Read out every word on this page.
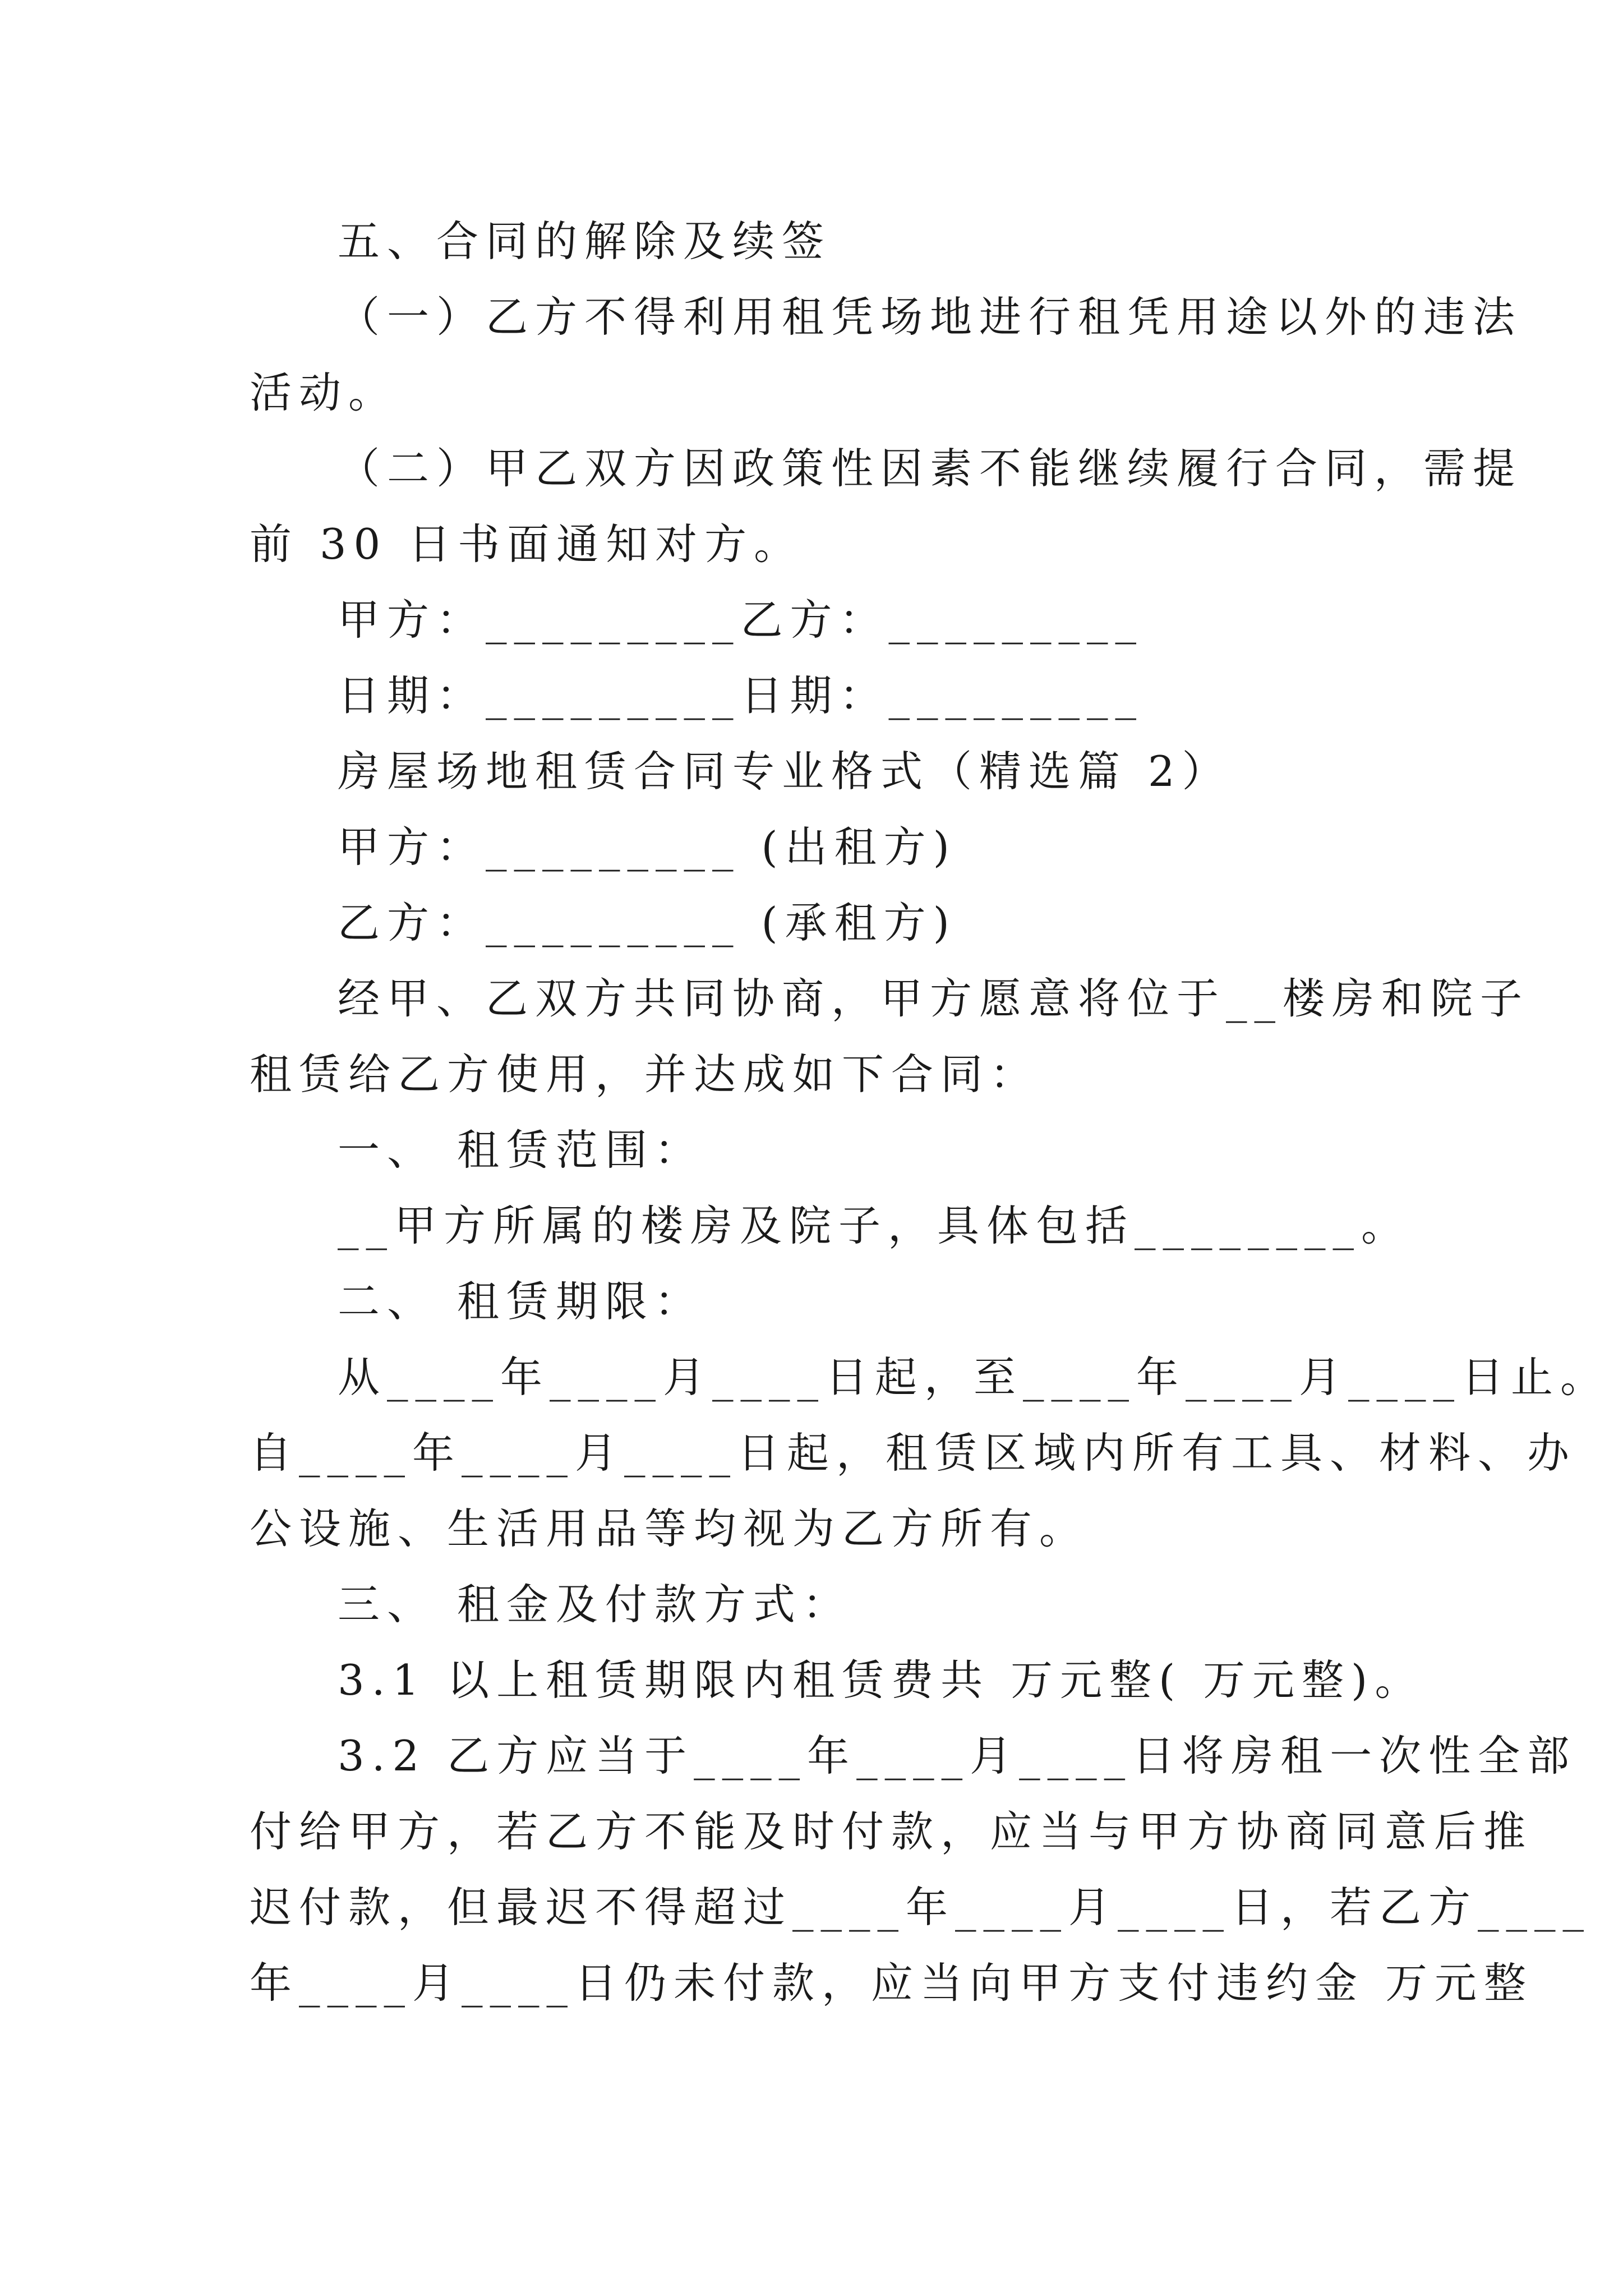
五、合同的解除及续签
（一）乙方不得利用租凭场地进行租凭用途以外的违法
活动。
（二）甲乙双方因政策性因素不能继续履行合同，需提
前 30 日书面通知对方。
甲方：_________乙方：_________
日期：_________日期：_________
房屋场地租赁合同专业格式（精选篇 2）
甲方：_________ (出租方)
乙方：_________ (承租方)
经甲、乙双方共同协商，甲方愿意将位于__楼房和院子
租赁给乙方使用，并达成如下合同：
一、 租赁范围：
__甲方所属的楼房及院子，具体包括________。
二、 租赁期限：
从____年____月____日起，至____年____月____日止。
自____年____月____日起，租赁区域内所有工具、材料、办
公设施、生活用品等均视为乙方所有。
三、 租金及付款方式：
3.1 以上租赁期限内租赁费共 万元整( 万元整)。
3.2 乙方应当于____年____月____日将房租一次性全部
付给甲方，若乙方不能及时付款，应当与甲方协商同意后推
迟付款，但最迟不得超过____年____月____日，若乙方____
年____月____日仍未付款，应当向甲方支付违约金 万元整
